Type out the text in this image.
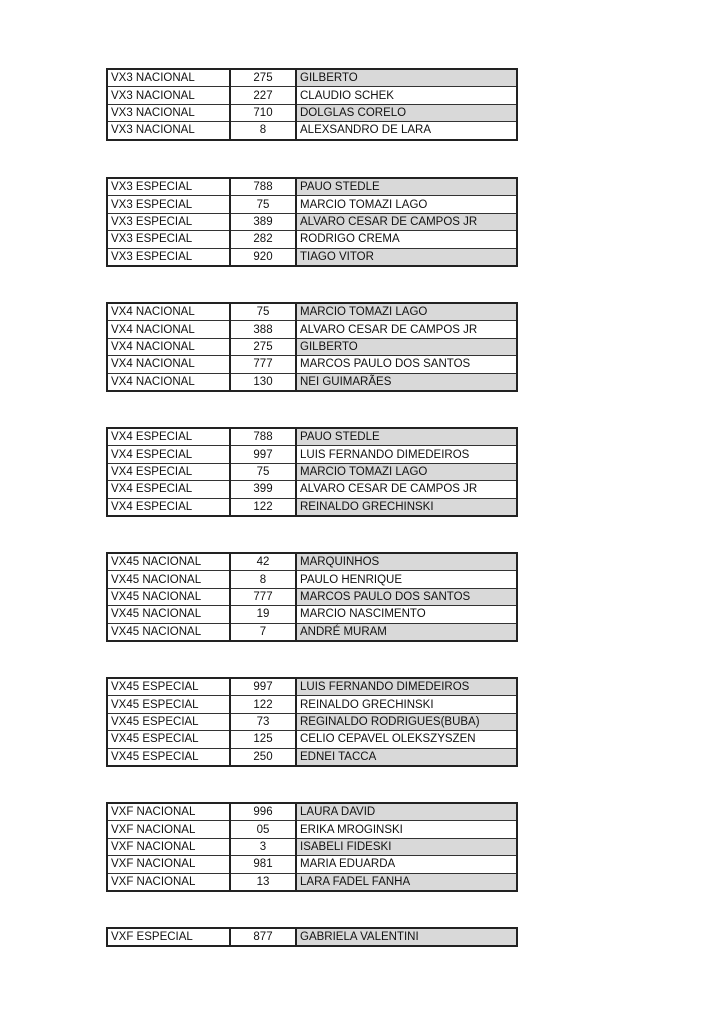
VX3 NACIONAL	275	GILBERTO
VX3 NACIONAL	227	CLAUDIO SCHEK
VX3 NACIONAL	710	DOLGLAS CORELO
VX3 NACIONAL	8	ALEXSANDRO DE LARA
VX3 ESPECIAL	788	PAUO STEDLE
VX3 ESPECIAL	75	MARCIO TOMAZI LAGO
VX3 ESPECIAL	389	ALVARO CESAR DE CAMPOS JR
VX3 ESPECIAL	282	RODRIGO CREMA
VX3 ESPECIAL	920	TIAGO VITOR
VX4 NACIONAL	75	MARCIO TOMAZI LAGO
VX4 NACIONAL	388	ALVARO CESAR DE CAMPOS JR
VX4 NACIONAL	275	GILBERTO
VX4 NACIONAL	777	MARCOS PAULO DOS SANTOS
VX4 NACIONAL	130	NEI GUIMARÃES
VX4 ESPECIAL	788	PAUO STEDLE
VX4 ESPECIAL	997	LUIS FERNANDO DIMEDEIROS
VX4 ESPECIAL	75	MARCIO TOMAZI LAGO
VX4 ESPECIAL	399	ALVARO CESAR DE CAMPOS JR
VX4 ESPECIAL	122	REINALDO GRECHINSKI
VX45 NACIONAL	42	MARQUINHOS
VX45 NACIONAL	8	PAULO HENRIQUE
VX45 NACIONAL	777	MARCOS PAULO DOS SANTOS
VX45 NACIONAL	19	MARCIO NASCIMENTO
VX45 NACIONAL	7	ANDRÉ MURAM
VX45 ESPECIAL	997	LUIS FERNANDO DIMEDEIROS
VX45 ESPECIAL	122	REINALDO GRECHINSKI
VX45 ESPECIAL	73	REGINALDO RODRIGUES(BUBA)
VX45 ESPECIAL	125	CELIO CEPAVEL OLEKSZYSZEN
VX45 ESPECIAL	250	EDNEI TACCA
VXF NACIONAL	996	LAURA DAVID
VXF NACIONAL	05	ERIKA MROGINSKI
VXF NACIONAL	3	ISABELI FIDESKI
VXF NACIONAL	981	MARIA EDUARDA
VXF NACIONAL	13	LARA FADEL FANHA
VXF ESPECIAL	877	GABRIELA VALENTINI
